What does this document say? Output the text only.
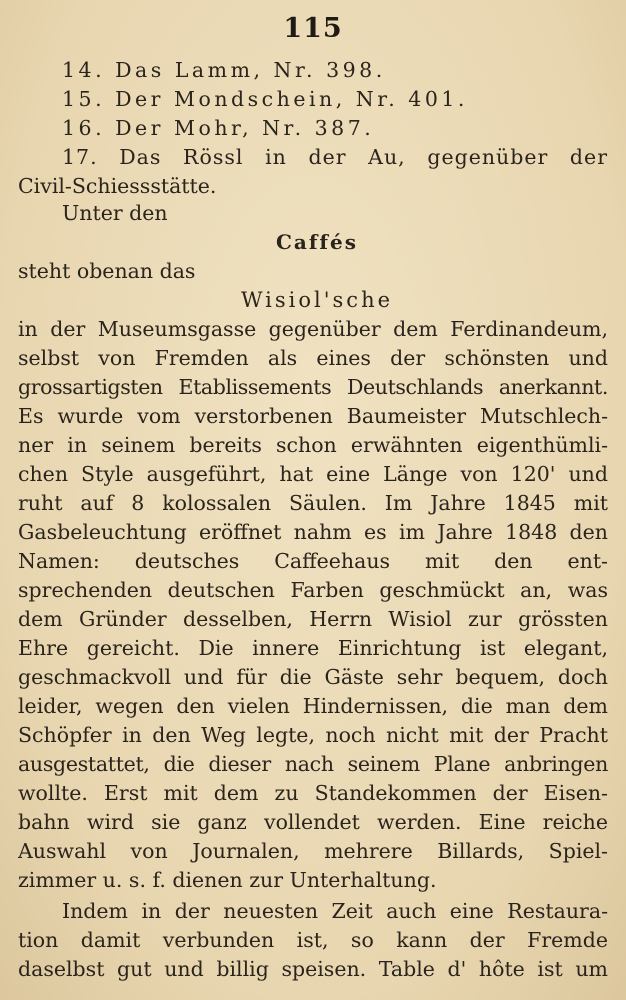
115
14. Das Lamm, Nr. 398.
15. Der Mondschein, Nr. 401.
16. Der Mohr, Nr. 387.
17. Das Rössl in der Au, gegenüber der
Civil-Schiessstätte.
Unter den
Caffés
steht obenan das
Wisiol'sche
in der Museumsgasse gegenüber dem Ferdinandeum,
selbst von Fremden als eines der schönsten und
grossartigsten Etablissements Deutschlands anerkannt.
Es wurde vom verstorbenen Baumeister Mutschlech-
ner in seinem bereits schon erwähnten eigenthümli-
chen Style ausgeführt, hat eine Länge von 120' und
ruht auf 8 kolossalen Säulen. Im Jahre 1845 mit
Gasbeleuchtung eröffnet nahm es im Jahre 1848 den
Namen: deutsches Caffeehaus mit den ent-
sprechenden deutschen Farben geschmückt an, was
dem Gründer desselben, Herrn Wisiol zur grössten
Ehre gereicht. Die innere Einrichtung ist elegant,
geschmackvoll und für die Gäste sehr bequem, doch
leider, wegen den vielen Hindernissen, die man dem
Schöpfer in den Weg legte, noch nicht mit der Pracht
ausgestattet, die dieser nach seinem Plane anbringen
wollte. Erst mit dem zu Standekommen der Eisen-
bahn wird sie ganz vollendet werden. Eine reiche
Auswahl von Journalen, mehrere Billards, Spiel-
zimmer u. s. f. dienen zur Unterhaltung.
Indem in der neuesten Zeit auch eine Restaura-
tion damit verbunden ist, so kann der Fremde
daselbst gut und billig speisen. Table d' hôte ist um
